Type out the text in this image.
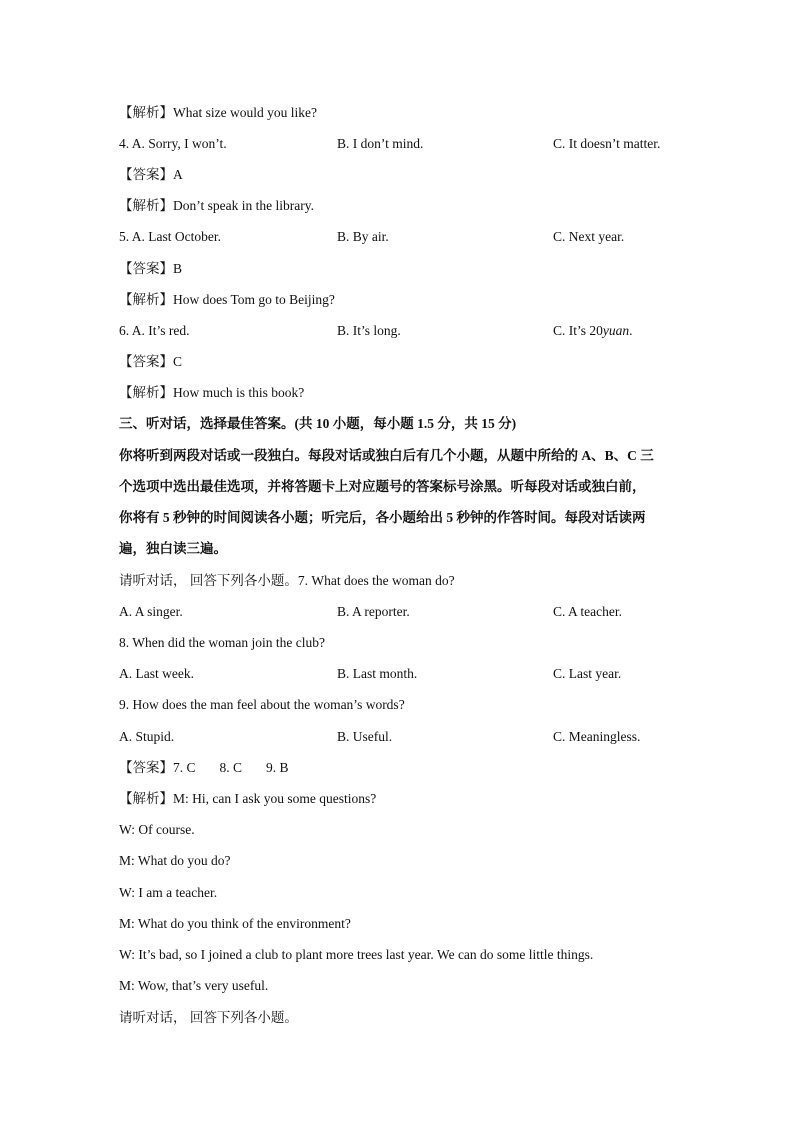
【解析】What size would you like?
4. A. Sorry, I won’t.	B. I don’t mind.	C. It doesn’t matter.
【答案】A
【解析】Don’t speak in the library.
5. A. Last October.	B. By air.	C. Next year.
【答案】B
【解析】How does Tom go to Beijing?
6. A. It’s red.	B. It’s long.	C. It’s 20yuan.
【答案】C
【解析】How much is this book?
三、听对话，选择最佳答案。(共 10 小题，每小题 1.5 分，共 15 分)
你将听到两段对话或一段独白。每段对话或独白后有几个小题，从题中所给的 A、B、C 三
个选项中选出最佳选项，并将答题卡上对应题号的答案标号涂黑。听每段对话或独白前，
你将有 5 秒钟的时间阅读各小题；听完后，各小题给出 5 秒钟的作答时间。每段对话读两
遍，独白读三遍。
请听对话， 回答下列各小题。7. What does the woman do?
A. A singer.	B. A reporter.	C. A teacher.
8. When did the woman join the club?
A. Last week.	B. Last month.	C. Last year.
9. How does the man feel about the woman’s words?
A. Stupid.	B. Useful.	C. Meaningless.
【答案】7. C 8. C 9. B
【解析】M: Hi, can I ask you some questions?
W: Of course.
M: What do you do?
W: I am a teacher.
M: What do you think of the environment?
W: It’s bad, so I joined a club to plant more trees last year. We can do some little things.
M: Wow, that’s very useful.
请听对话， 回答下列各小题。
